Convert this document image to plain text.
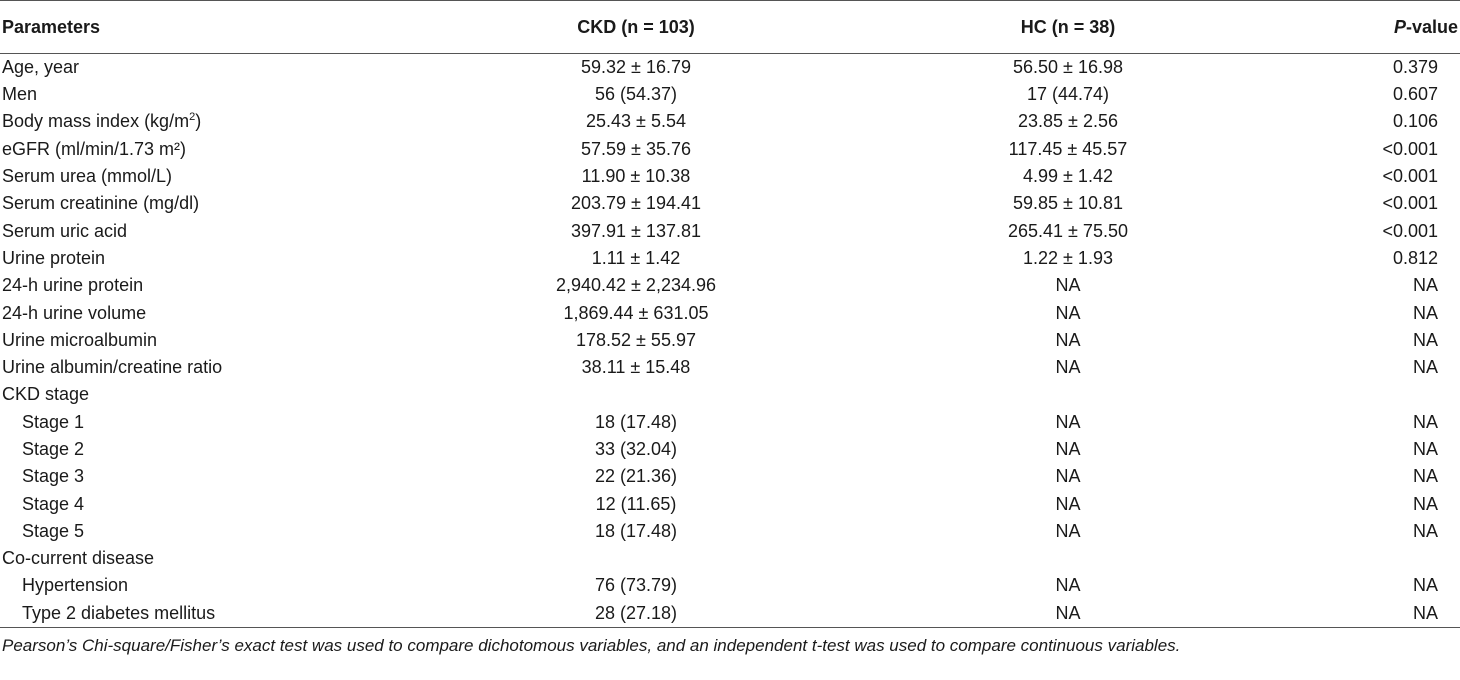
Parameters	CKD (n = 103)	HC (n = 38)	P-value
Age, year	59.32 ± 16.79	56.50 ± 16.98	0.379
Men	56 (54.37)	17 (44.74)	0.607
Body mass index $(kg/m^2)$	25.43 ± 5.54	23.85 ± 2.56	0.106
eGFR (ml/min/1.73 m²)	57.59 ± 35.76	117.45 ± 45.57	<0.001
Serum urea (mmol/L)	11.90 ± 10.38	4.99 ± 1.42	<0.001
Serum creatinine (mg/dl)	203.79 ± 194.41	59.85 ± 10.81	<0.001
Serum uric acid	397.91 ± 137.81	265.41 ± 75.50	<0.001
Urine protein	1.11 ± 1.42	1.22 ± 1.93	0.812
24-h urine protein	2,940.42 ± 2,234.96	NA	NA
24-h urine volume	1,869.44 ± 631.05	NA	NA
Urine microalbumin	178.52 ± 55.97	NA	NA
Urine albumin/creatine ratio	38.11 ± 15.48	NA	NA
CKD stage			
Stage 1	18 (17.48)	NA	NA
Stage 2	33 (32.04)	NA	NA
Stage 3	22 (21.36)	NA	NA
Stage 4	12 (11.65)	NA	NA
Stage 5	18 (17.48)	NA	NA
Co-current disease			
Hypertension	76 (73.79)	NA	NA
Type 2 diabetes mellitus	28 (27.18)	NA	NA
Pearson’s Chi-square/Fisher’s exact test was used to compare dichotomous variables, and an independent t-test was used to compare continuous variables.
